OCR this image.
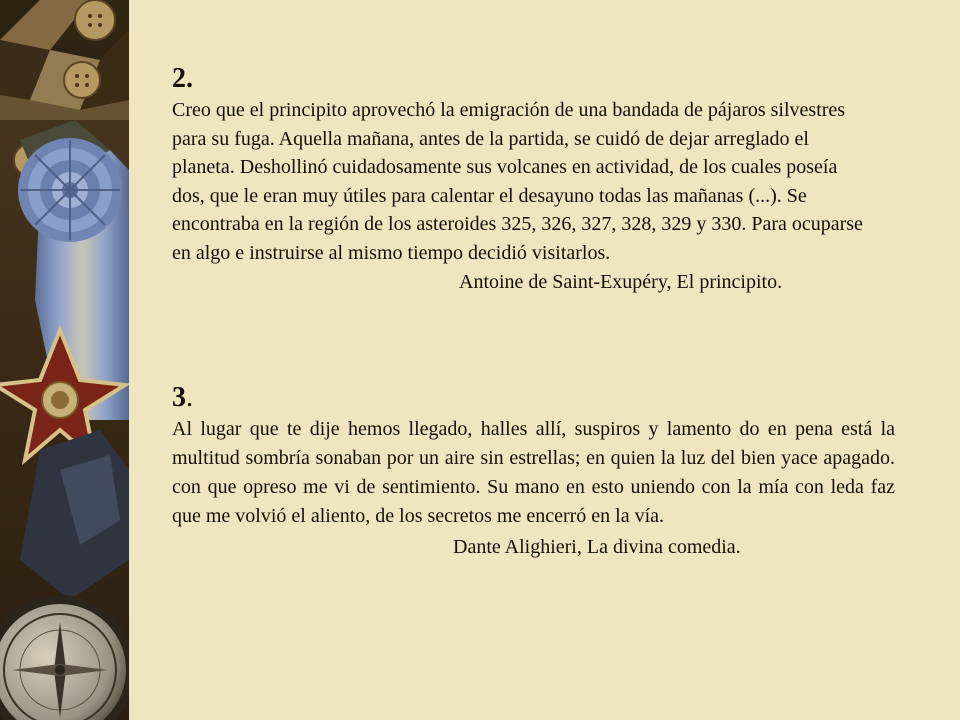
2.

Creo que el principito aprovechó la emigración de una bandada de pájaros silvestres para su fuga. Aquella mañana, antes de la partida, se cuidó de dejar arreglado el planeta. Deshollinó cuidadosamente sus volcanes en actividad, de los cuales poseía dos, que le eran muy útiles para calentar el desayuno todas las mañanas (...). Se encontraba en la región de los asteroides 325, 326, 327, 328, 329 y 330. Para ocuparse en algo e instruirse al mismo tiempo decidió visitarlos.

Antoine de Saint-Exupéry, El principito.

3.

Al lugar que te dije hemos llegado, halles allí, suspiros y lamento do en pena está la multitud sombría sonaban por un aire sin estrellas; en quien la luz del bien yace apagado. con que opreso me vi de sentimiento. Su mano en esto uniendo con la mía con leda faz que me volvió el aliento, de los secretos me encerró en la vía.

Dante Alighieri, La divina comedia.
